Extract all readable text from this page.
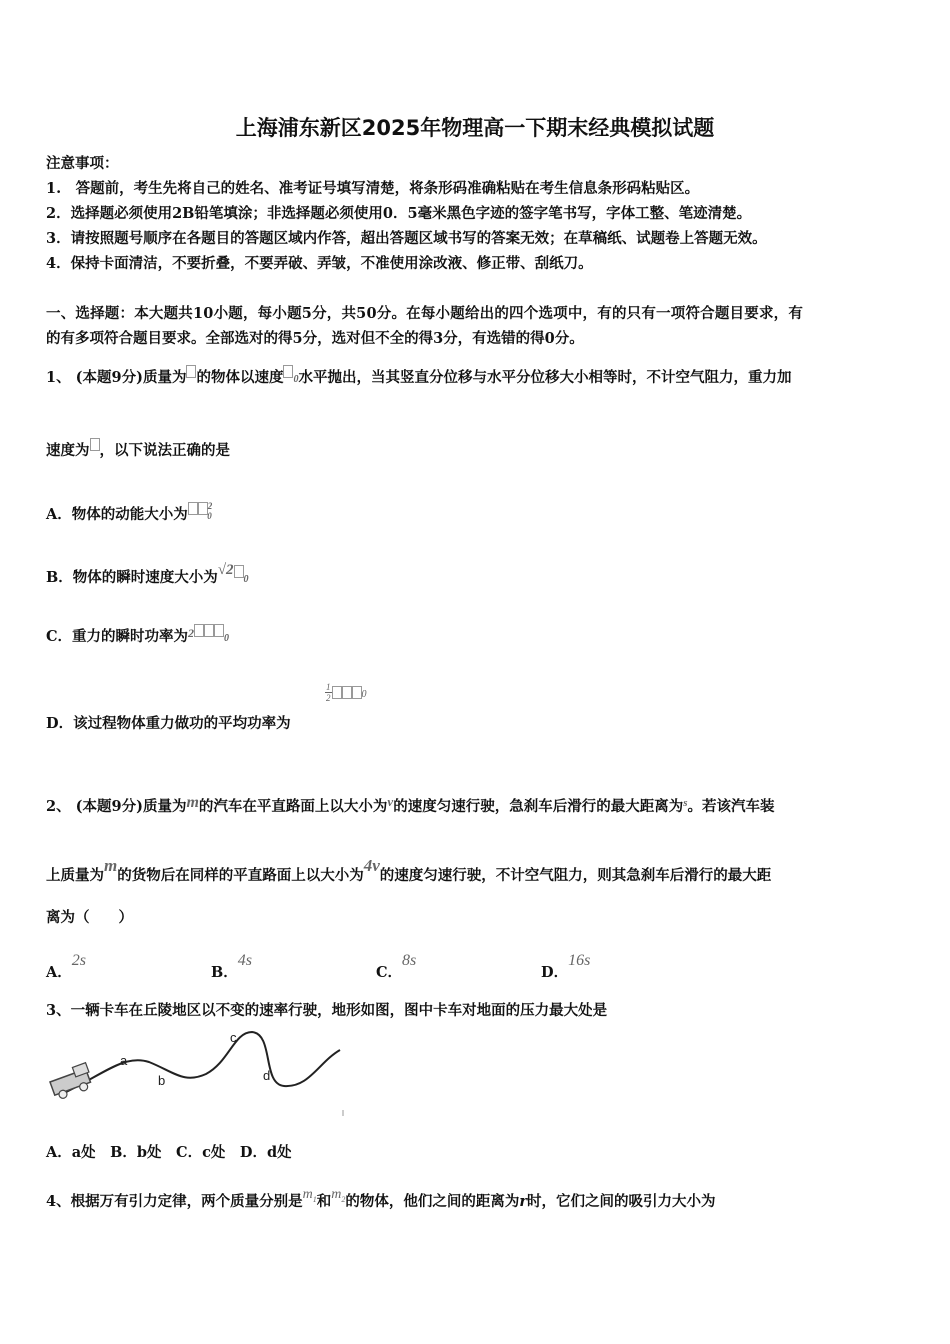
上海浦东新区2025年物理高一下期末经典模拟试题
注意事项：
1.　答题前，考生先将自己的姓名、准考证号填写清楚，将条形码准确粘贴在考生信息条形码粘贴区。
2．选择题必须使用2B铅笔填涂；非选择题必须使用0．5毫米黑色字迹的签字笔书写，字体工整、笔迹清楚。
3．请按照题号顺序在各题目的答题区域内作答，超出答题区域书写的答案无效；在草稿纸、试题卷上答题无效。
4．保持卡面清洁，不要折叠，不要弄破、弄皱，不准使用涂改液、修正带、刮纸刀。
一、选择题：本大题共10小题，每小题5分，共50分。在每小题给出的四个选项中，有的只有一项符合题目要求，有
的有多项符合题目要求。全部选对的得5分，选对但不全的得3分，有选错的得0分。
1、 (本题9分)质量为 的物体以速度 0水平抛出，当其竖直分位移与水平分位移大小相等时，不计空气阻力，重力加
速度为 ，以下说法正确的是
A．物体的动能大小为 $^2$0
B．物体的瞬时速度大小为√20
C．重力的瞬时功率为$^2$	0
D．该过程物体重力做功的平均功率为
$\frac{1}{2}$	0
2、 (本题9分)质量为m的汽车在平直路面上以大小为v的速度匀速行驶，急刹车后滑行的最大距离为$^s$。若该汽车装
上质量为m的货物后在同样的平直路面上以大小为4v的速度匀速行驶，不计空气阻力，则其急刹车后滑行的最大距
离为（　　）
A．2s
B．4s
C．8s
D．16s
3、一辆卡车在丘陵地区以不变的速率行驶，地形如图，图中卡车对地面的压力最大处是
a
b
c
d
A．a处　B．b处　C．c处　D．d处
4、根据万有引力定律，两个质量分别是$m_1$和$m_2$的物体，他们之间的距离为r时，它们之间的吸引力大小为
